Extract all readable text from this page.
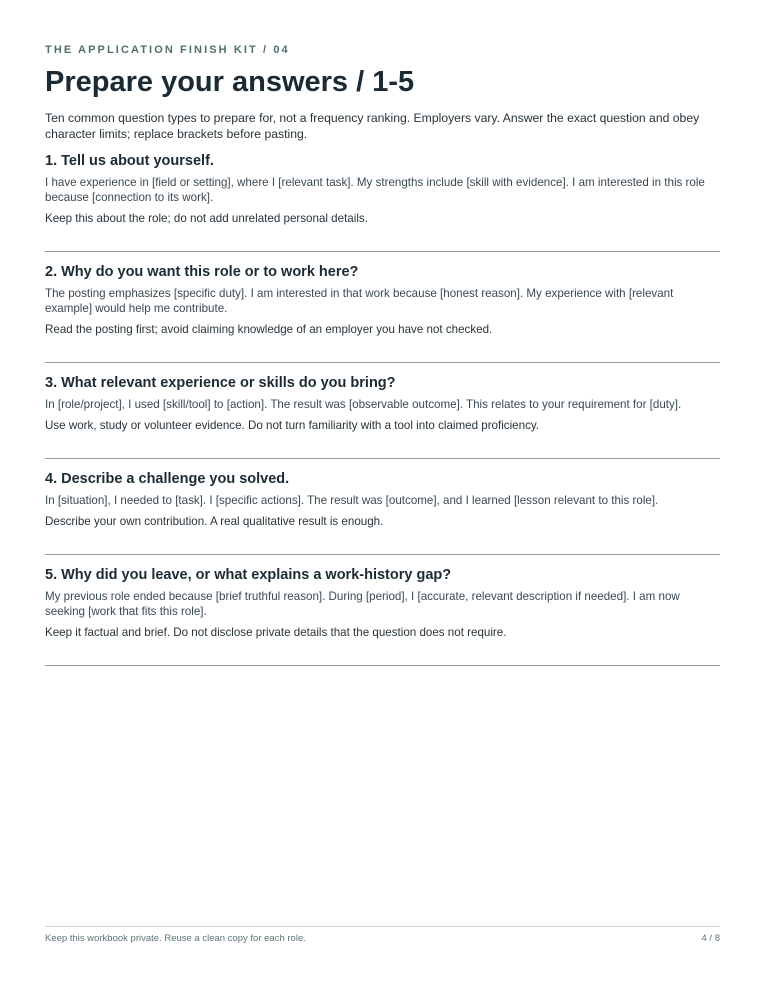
THE APPLICATION FINISH KIT / 04
Prepare your answers / 1-5

Ten common question types to prepare for, not a frequency ranking. Employers vary. Answer the exact question and obey character limits; replace brackets before pasting.

1. Tell us about yourself.

I have experience in [field or setting], where I [relevant task]. My strengths include [skill with evidence]. I am interested in this role because [connection to its work].

Keep this about the role; do not add unrelated personal details.

2. Why do you want this role or to work here?

The posting emphasizes [specific duty]. I am interested in that work because [honest reason]. My experience with [relevant example] would help me contribute.

Read the posting first; avoid claiming knowledge of an employer you have not checked.

3. What relevant experience or skills do you bring?

In [role/project], I used [skill/tool] to [action]. The result was [observable outcome]. This relates to your requirement for [duty].

Use work, study or volunteer evidence. Do not turn familiarity with a tool into claimed proficiency.

4. Describe a challenge you solved.

In [situation], I needed to [task]. I [specific actions]. The result was [outcome], and I learned [lesson relevant to this role].

Describe your own contribution. A real qualitative result is enough.

5. Why did you leave, or what explains a work-history gap?

My previous role ended because [brief truthful reason]. During [period], I [accurate, relevant description if needed]. I am now seeking [work that fits this role].

Keep it factual and brief. Do not disclose private details that the question does not require.

Keep this workbook private. Reuse a clean copy for each role.	4 / 8
